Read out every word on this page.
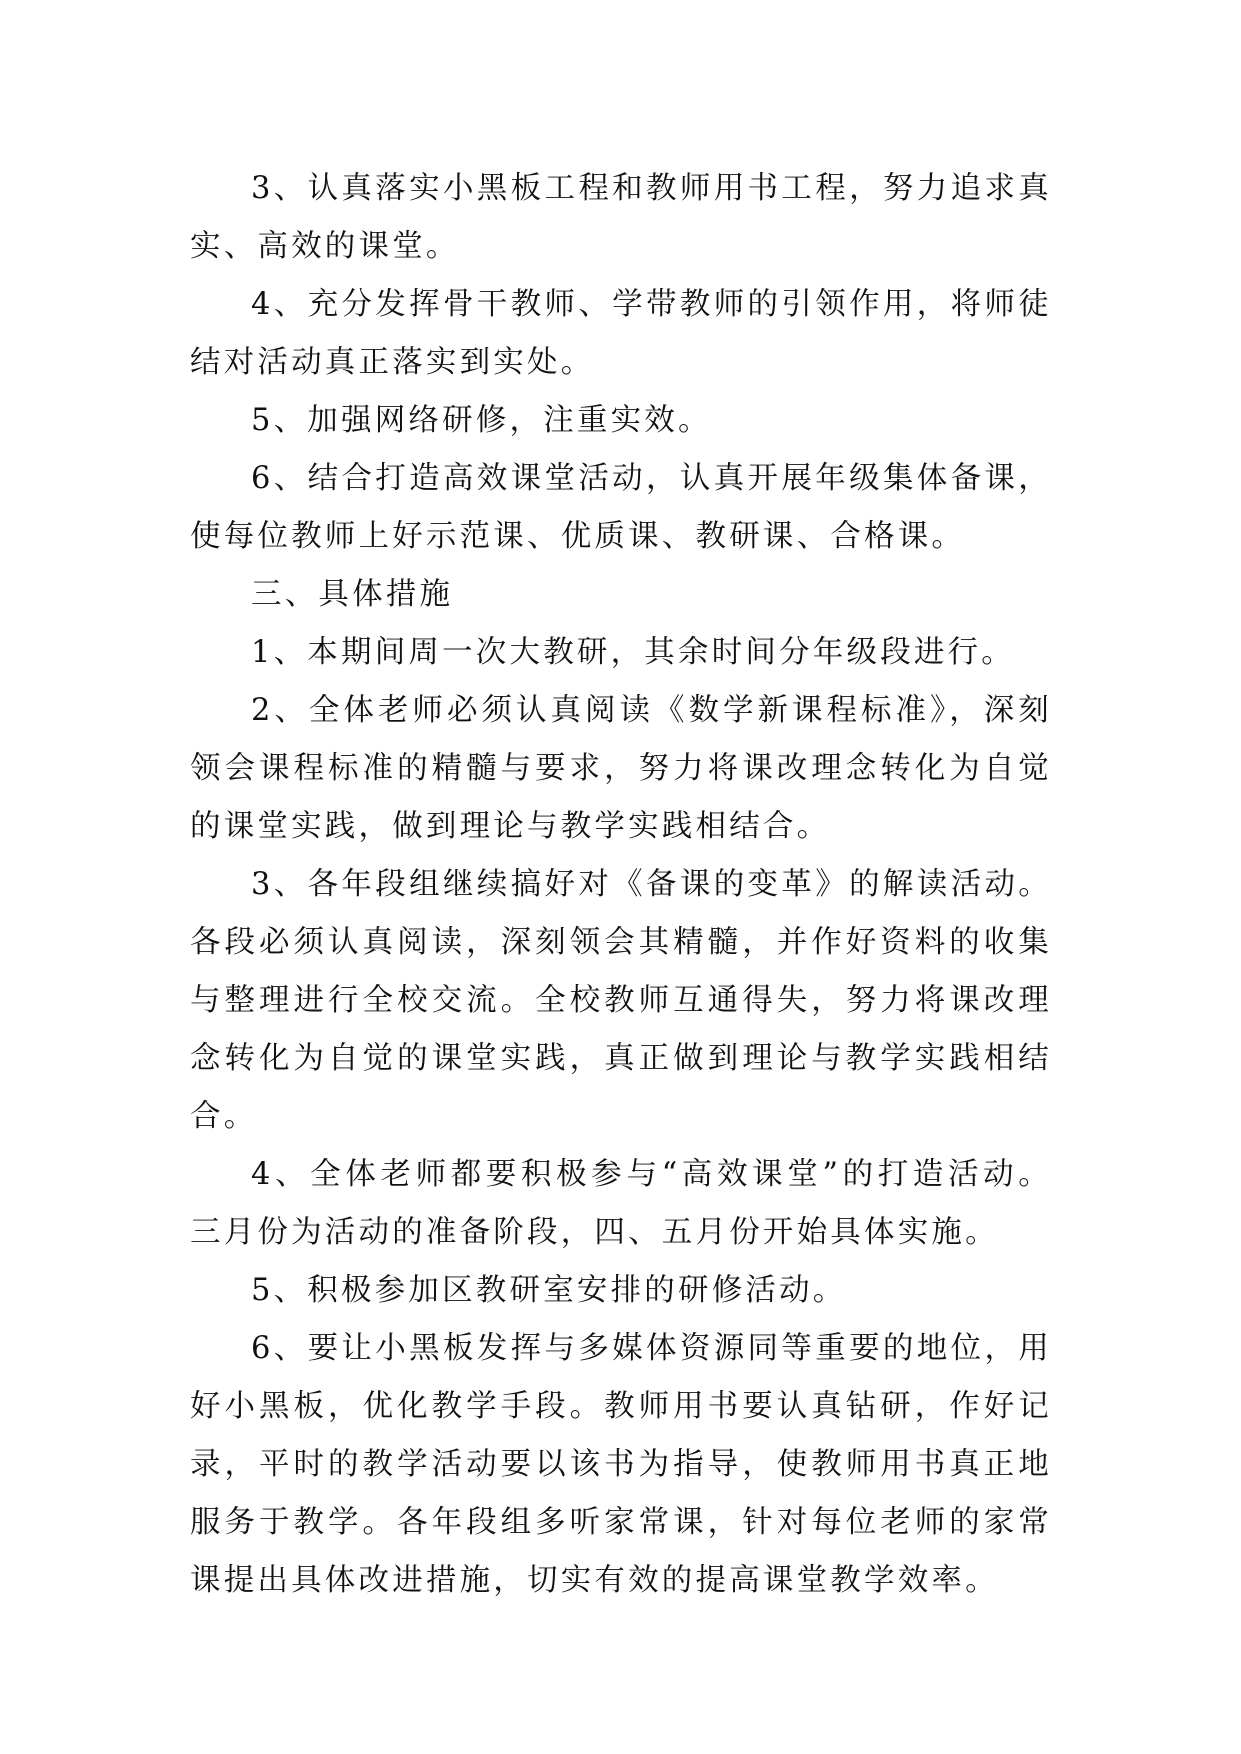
3、认真落实小黑板工程和教师用书工程，努力追求真实、高效的课堂。

4、充分发挥骨干教师、学带教师的引领作用，将师徒结对活动真正落实到实处。

5、加强网络研修，注重实效。

6、结合打造高效课堂活动，认真开展年级集体备课，使每位教师上好示范课、优质课、教研课、合格课。

三、具体措施

1、本期间周一次大教研，其余时间分年级段进行。

2、全体老师必须认真阅读《数学新课程标准》，深刻领会课程标准的精髓与要求，努力将课改理念转化为自觉的课堂实践，做到理论与教学实践相结合。

3、各年段组继续搞好对《备课的变革》的解读活动。各段必须认真阅读，深刻领会其精髓，并作好资料的收集与整理进行全校交流。全校教师互通得失，努力将课改理念转化为自觉的课堂实践，真正做到理论与教学实践相结合。

4、全体老师都要积极参与“高效课堂”的打造活动。三月份为活动的准备阶段，四、五月份开始具体实施。

5、积极参加区教研室安排的研修活动。

6、要让小黑板发挥与多媒体资源同等重要的地位，用好小黑板，优化教学手段。教师用书要认真钻研，作好记录，平时的教学活动要以该书为指导，使教师用书真正地服务于教学。各年段组多听家常课，针对每位老师的家常课提出具体改进措施，切实有效的提高课堂教学效率。
